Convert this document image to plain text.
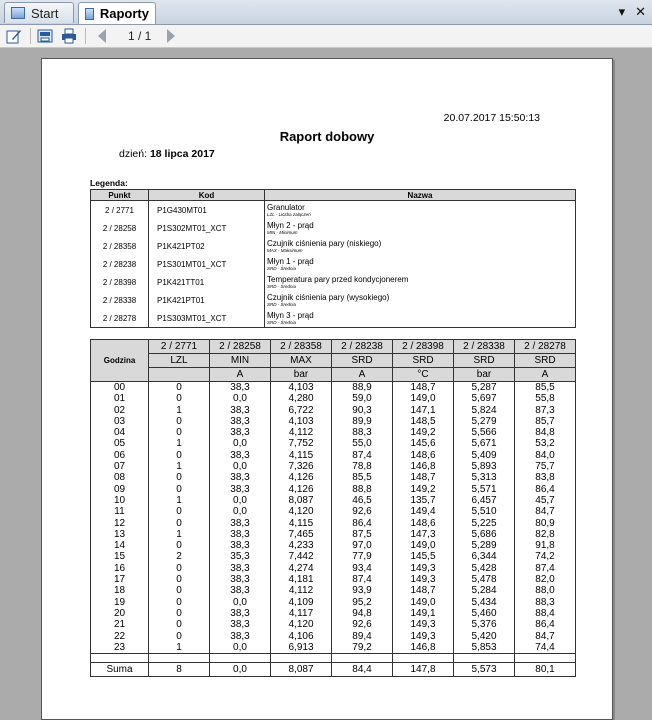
Start	Raporty	▾ ✕
1 / 1
20.07.2017 15:50:13
Raport dobowy
dzień: 18 lipca 2017
Legenda:
Punkt	Kod	Nazwa
2 / 2771	P1G430MT01	Granulator
LZL - Liczba załączeń

2 / 28258	P1S302MT01_XCT	Młyn 2 - prąd
MIN - Minimum

2 / 28358	P1K421PT02	Czujnik ciśnienia pary (niskiego)
MAX - Maksimum

2 / 28238	P1S301MT01_XCT	Młyn 1 - prąd
SRD - Średnia

2 / 28398	P1K421TT01	Temperatura pary przed kondycjonerem
SRD - Średnia

2 / 28338	P1K421PT01	Czujnik ciśnienia pary (wysokiego)
SRD - Średnia

2 / 28278	P1S303MT01_XCT	Młyn 3 - prąd
SRD - Średnia
Godzina	2 / 2771	2 / 28258	2 / 28358	2 / 28238	2 / 28398	2 / 28338	2 / 28278
	LZL	MIN	MAX	SRD	SRD	SRD	SRD
		A	bar	A	°C	bar	A
00	0	38,3	4,103	88,9	148,7	5,287	85,5
01	0	0,0	4,280	59,0	149,0	5,697	55,8
02	1	38,3	6,722	90,3	147,1	5,824	87,3
03	0	38,3	4,103	89,9	148,5	5,279	85,7
04	0	38,3	4,112	88,3	149,2	5,566	84,8
05	1	0,0	7,752	55,0	145,6	5,671	53,2
06	0	38,3	4,115	87,4	148,6	5,409	84,0
07	1	0,0	7,326	78,8	146,8	5,893	75,7
08	0	38,3	4,126	85,5	148,7	5,313	83,8
09	0	38,3	4,126	88,8	149,2	5,571	86,4
10	1	0,0	8,087	46,5	135,7	6,457	45,7
11	0	0,0	4,120	92,6	149,4	5,510	84,7
12	0	38,3	4,115	86,4	148,6	5,225	80,9
13	1	38,3	7,465	87,5	147,3	5,686	82,8
14	0	38,3	4,233	97,0	149,0	5,289	91,8
15	2	35,3	7,442	77,9	145,5	6,344	74,2
16	0	38,3	4,274	93,4	149,3	5,428	87,4
17	0	38,3	4,181	87,4	149,3	5,478	82,0
18	0	38,3	4,112	93,9	148,7	5,284	88,0
19	0	0,0	4,109	95,2	149,0	5,434	88,3
20	0	38,3	4,117	94,8	149,1	5,460	88,4
21	0	38,3	4,120	92,6	149,3	5,376	86,4
22	0	38,3	4,106	89,4	149,3	5,420	84,7
23	1	0,0	6,913	79,2	146,8	5,853	74,4

Suma	8	0,0	8,087	84,4	147,8	5,573	80,1
